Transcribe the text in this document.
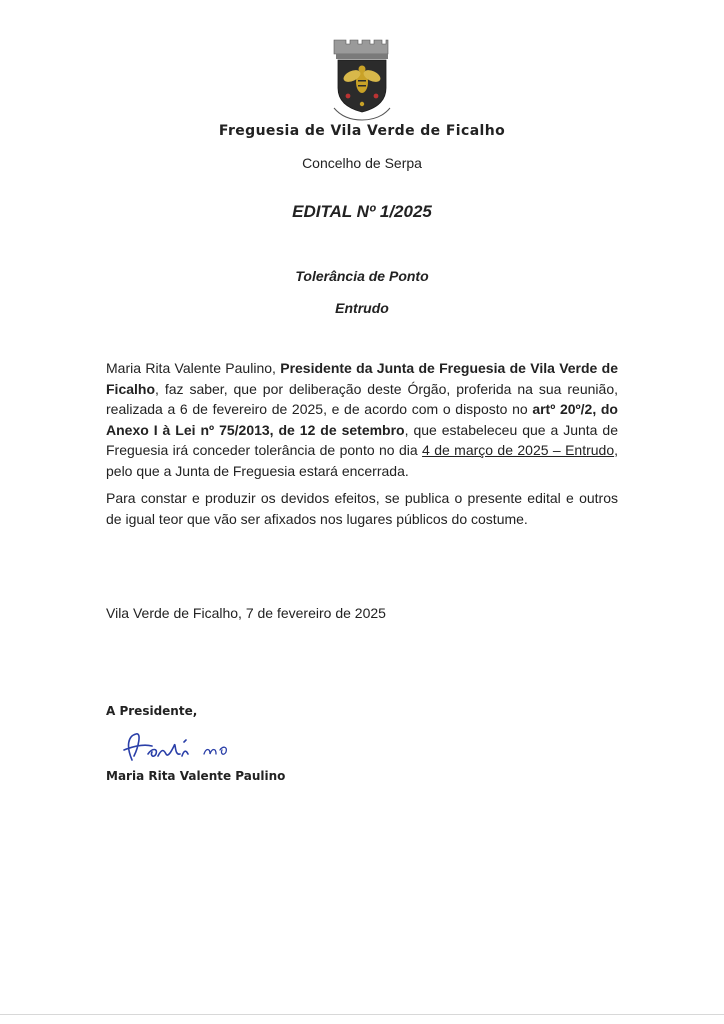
Freguesia de Vila Verde de Ficalho
Concelho de Serpa
EDITAL Nº 1/2025
Tolerância de Ponto
Entrudo
Maria Rita Valente Paulino, Presidente da Junta de Freguesia de Vila Verde de Ficalho, faz saber, que por deliberação deste Órgão, proferida na sua reunião, realizada a 6 de fevereiro de 2025, e de acordo com o disposto no artº 20º/2, do Anexo I à Lei nº 75/2013, de 12 de setembro, que estabeleceu que a Junta de Freguesia irá conceder tolerância de ponto no dia 4 de março de 2025 – Entrudo, pelo que a Junta de Freguesia estará encerrada.
Para constar e produzir os devidos efeitos, se publica o presente edital e outros de igual teor que vão ser afixados nos lugares públicos do costume.
Vila Verde de Ficalho, 7 de fevereiro de 2025
A Presidente,
Maria Rita Valente Paulino
